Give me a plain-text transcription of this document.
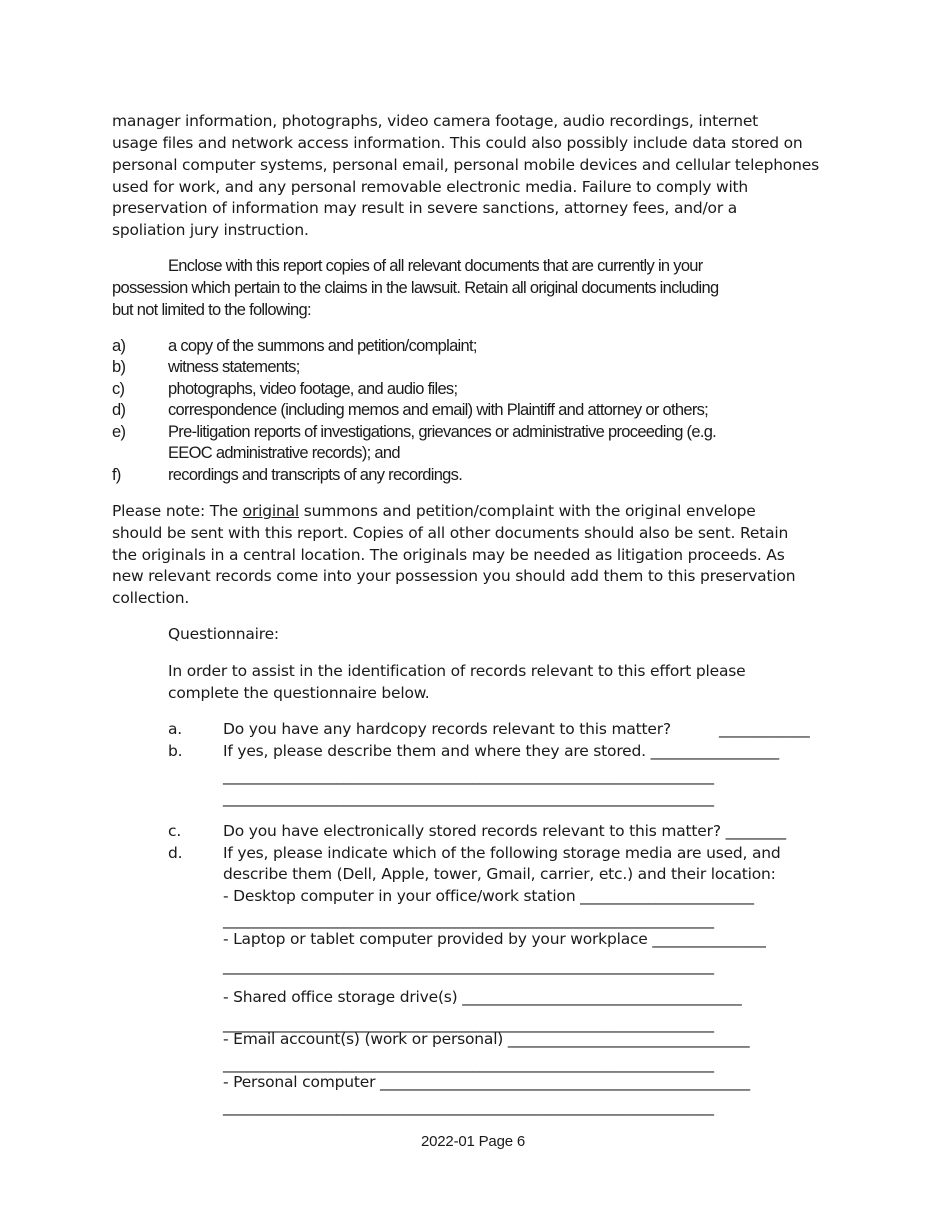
manager information, photographs, video camera footage, audio recordings, internet
usage files and network access information. This could also possibly include data stored on
personal computer systems, personal email, personal mobile devices and cellular telephones
used for work, and any personal removable electronic media. Failure to comply with
preservation of information may result in severe sanctions, attorney fees, and/or a
spoliation jury instruction.
Enclose with this report copies of all relevant documents that are currently in your
possession which pertain to the claims in the lawsuit. Retain all original documents including
but not limited to the following:
a)	a copy of the summons and petition/complaint;
b)	witness statements;
c)	photographs, video footage, and audio files;
d)	correspondence (including memos and email) with Plaintiff and attorney or others;
e)	Pre-litigation reports of investigations, grievances or administrative proceeding (e.g.
EEOC administrative records); and
f)	recordings and transcripts of any recordings.
Please note: The original summons and petition/complaint with the original envelope
should be sent with this report. Copies of all other documents should also be sent. Retain
the originals in a central location. The originals may be needed as litigation proceeds. As
new relevant records come into your possession you should add them to this preservation
collection.
Questionnaire:
In order to assist in the identification of records relevant to this effort please
complete the questionnaire below.
a.	Do you have any hardcopy records relevant to this matter?	____________
b.	If yes, please describe them and where they are stored. _________________
_________________________________________________________________
_________________________________________________________________
c.	Do you have electronically stored records relevant to this matter? ________
d.	If yes, please indicate which of the following storage media are used, and
describe them (Dell, Apple, tower, Gmail, carrier, etc.) and their location:
- Desktop computer in your office/work station _______________________
_________________________________________________________________
- Laptop or tablet computer provided by your workplace _______________
_________________________________________________________________
- Shared office storage drive(s) _____________________________________
_________________________________________________________________
- Email account(s) (work or personal) ________________________________
_________________________________________________________________
- Personal computer _________________________________________________
_________________________________________________________________
2022-01 Page 6
